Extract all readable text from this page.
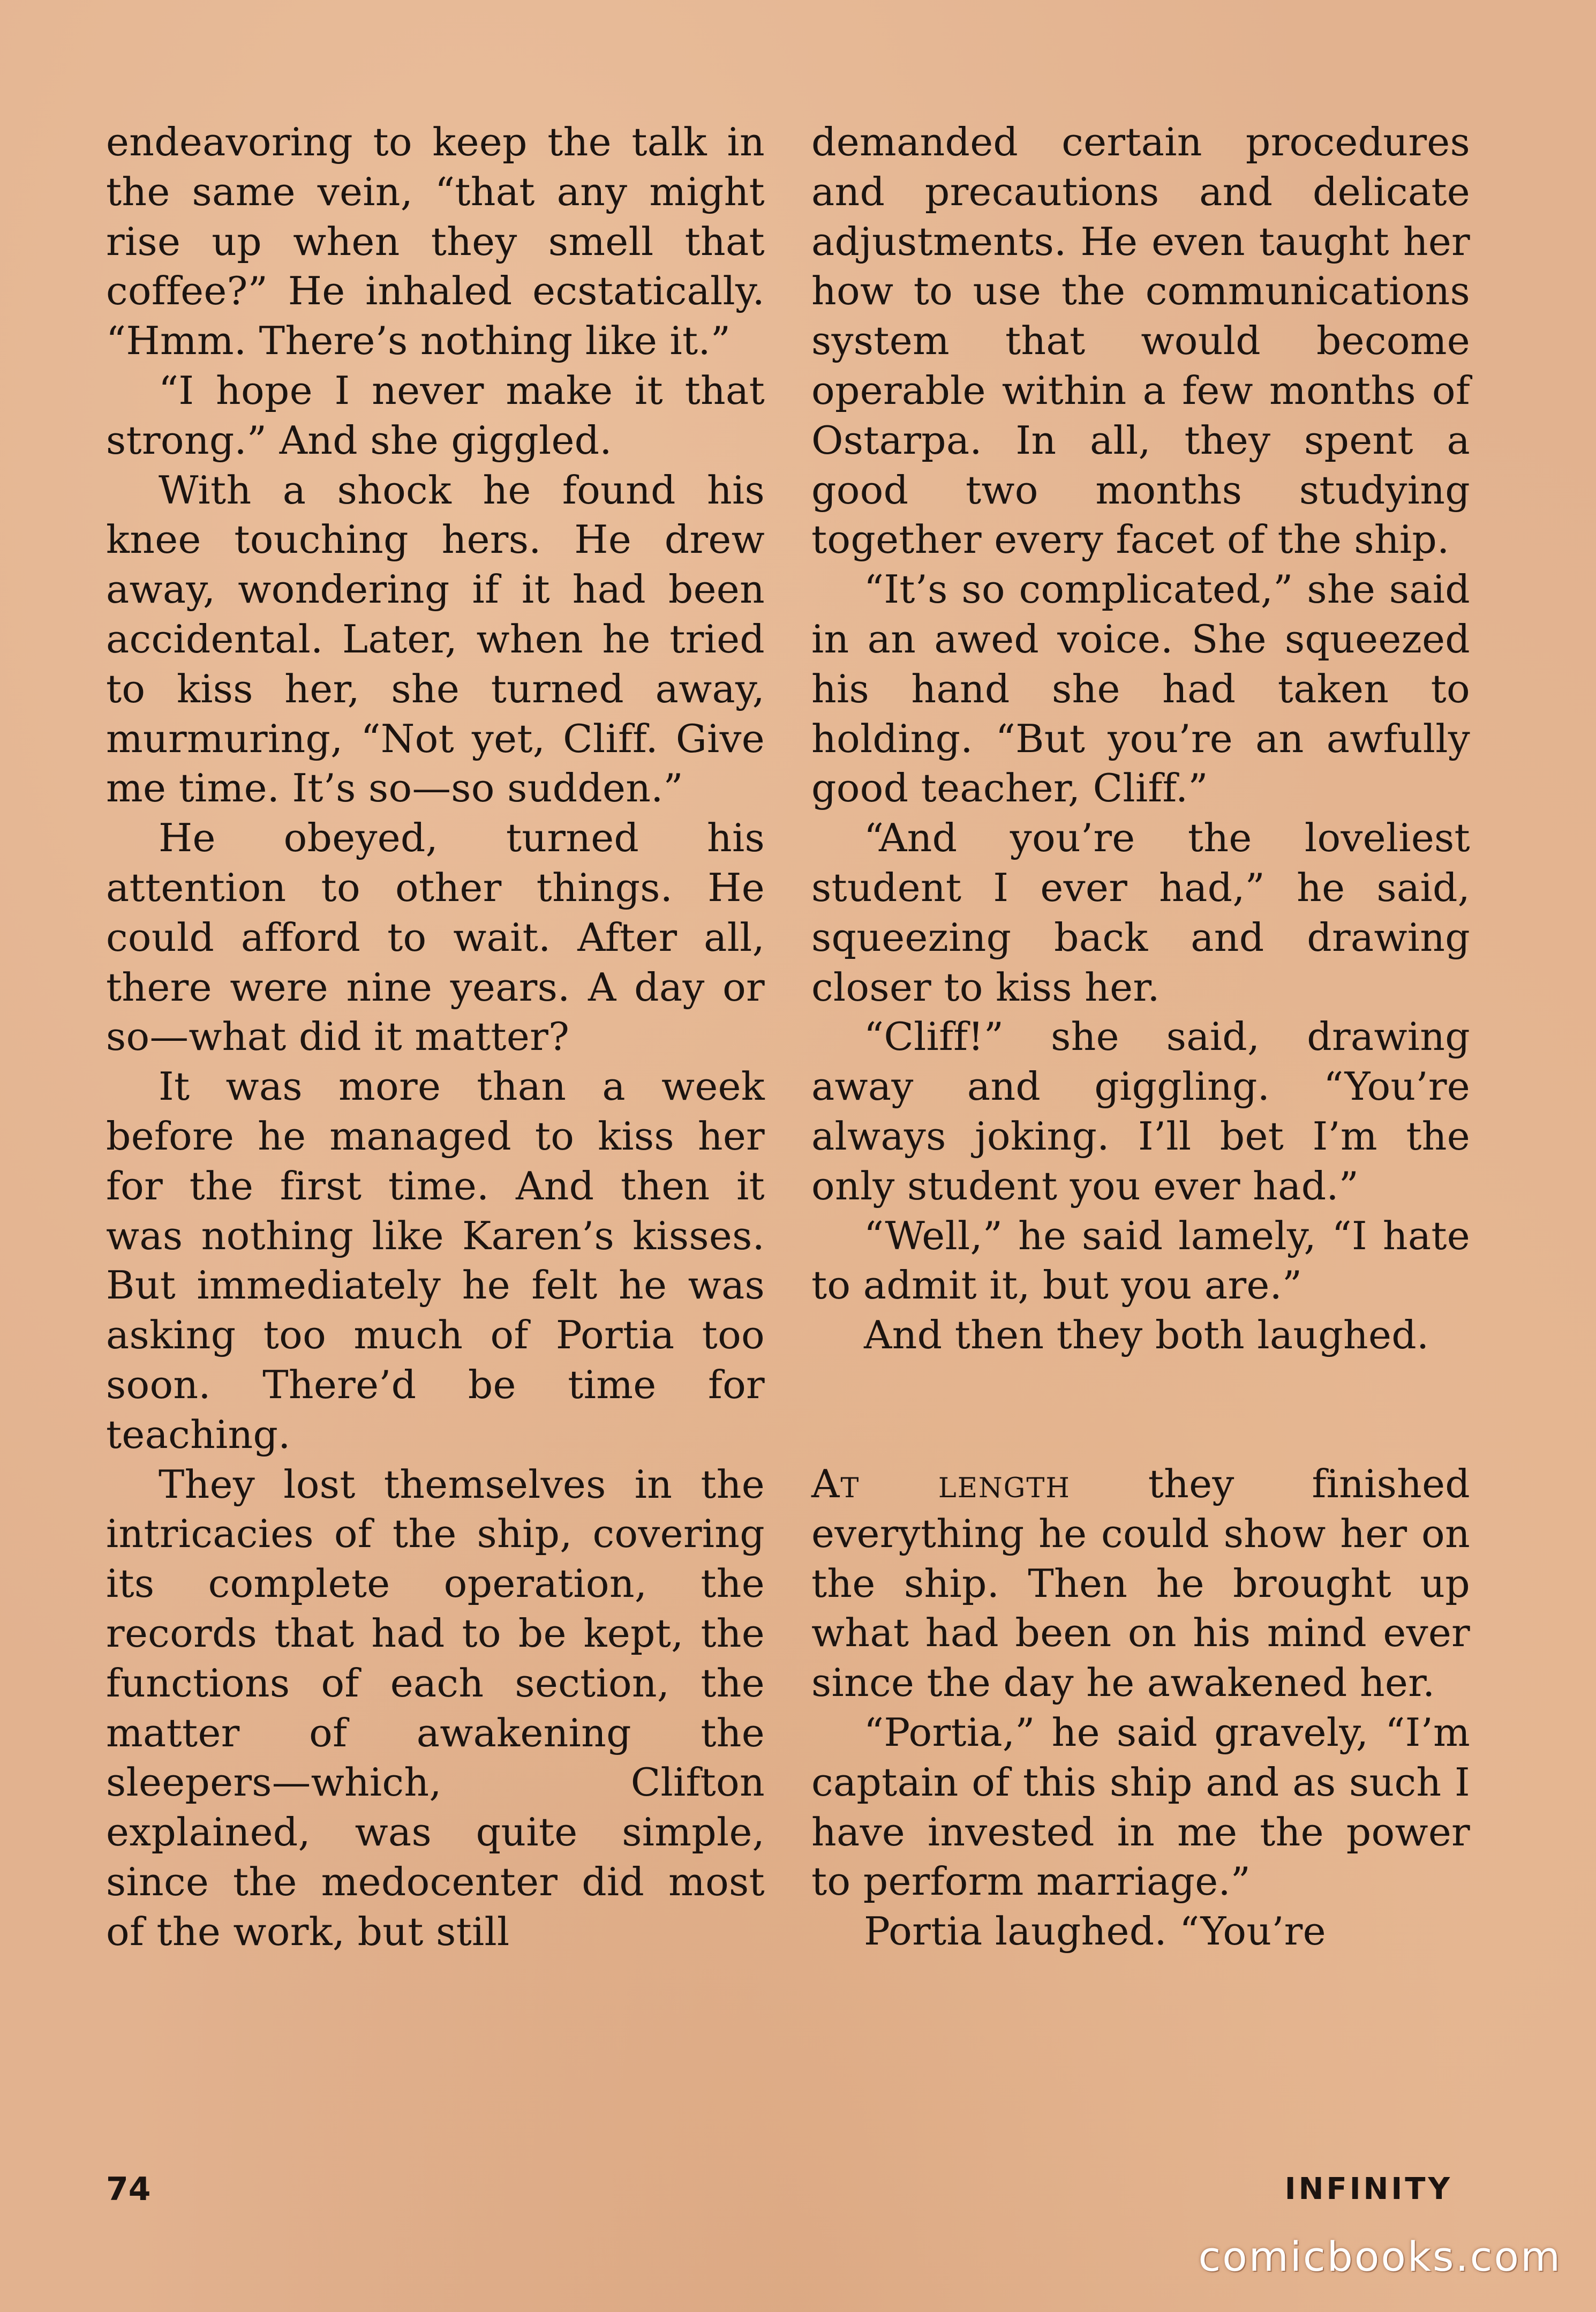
endeavoring to keep the talk in the same vein, “that any might rise up when they smell that coffee?” He inhaled ecstatically. “Hmm. There’s nothing like it.”

“I hope I never make it that strong.” And she giggled.

With a shock he found his knee touching hers. He drew away, wondering if it had been accidental. Later, when he tried to kiss her, she turned away, murmuring, “Not yet, Cliff. Give me time. It’s so—so sudden.”

He obeyed, turned his attention to other things. He could afford to wait. After all, there were nine years. A day or so—what did it matter?

It was more than a week before he managed to kiss her for the first time. And then it was nothing like Karen’s kisses. But immediately he felt he was asking too much of Portia too soon. There’d be time for teaching.

They lost themselves in the intricacies of the ship, covering its complete operation, the records that had to be kept, the functions of each section, the matter of awakening the sleepers—which, Clifton explained, was quite simple, since the medocenter did most of the work, but still

demanded certain procedures and precautions and delicate adjustments. He even taught her how to use the communications system that would become operable within a few months of Ostarpa. In all, they spent a good two months studying together every facet of the ship.

“It’s so complicated,” she said in an awed voice. She squeezed his hand she had taken to holding. “But you’re an awfully good teacher, Cliff.”

“And you’re the loveliest student I ever had,” he said, squeezing back and drawing closer to kiss her.

“Cliff!” she said, drawing away and giggling. “You’re always joking. I’ll bet I’m the only student you ever had.”

“Well,” he said lamely, “I hate to admit it, but you are.”

And then they both laughed.

At length they finished everything he could show her on the ship. Then he brought up what had been on his mind ever since the day he awakened her.

“Portia,” he said gravely, “I’m captain of this ship and as such I have invested in me the power to perform marriage.”

Portia laughed. “You’re

74	INFINITY
comicbooks.com
